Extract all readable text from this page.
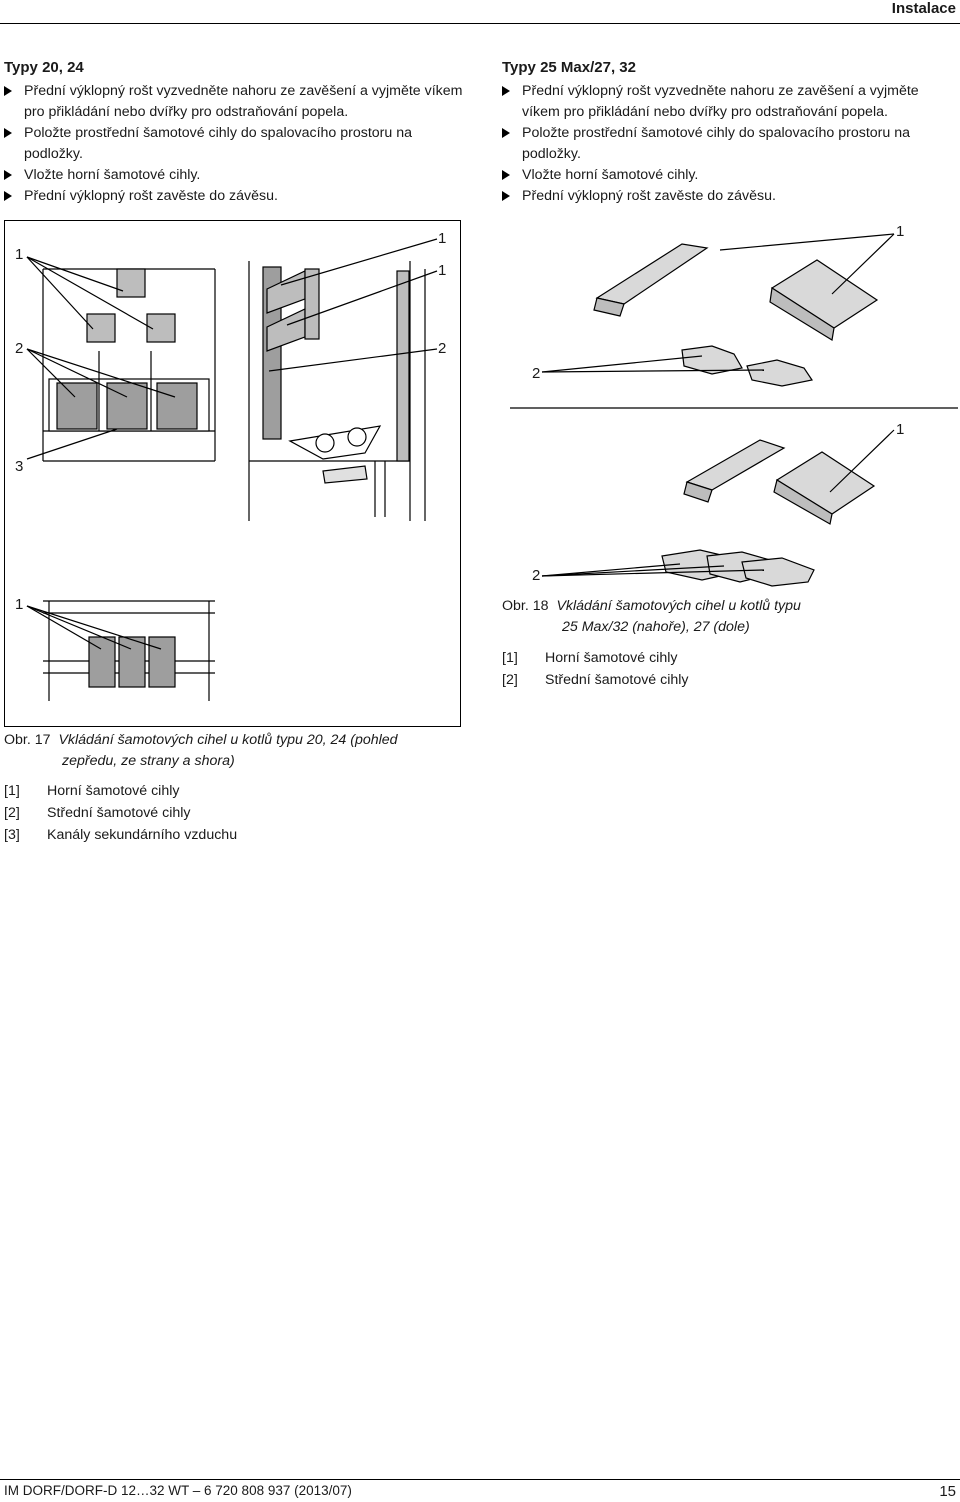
Instalace
Typy 20, 24
Přední výklopný rošt vyzvedněte nahoru ze zavěšení a vyjměte víkem pro přikládání nebo dvířky pro odstraňování popela.
Položte prostřední šamotové cihly do spalovacího prostoru na podložky.
Vložte horní šamotové cihly.
Přední výklopný rošt zavěste do závěsu.
Typy 25 Max/27, 32
Přední výklopný rošt vyzvedněte nahoru ze zavěšení a vyjměte víkem pro přikládání nebo dvířky pro odstraňování popela.
Položte prostřední šamotové cihly do spalovacího prostoru na podložky.
Vložte horní šamotové cihly.
Přední výklopný rošt zavěste do závěsu.
1
1
1
2	2
3
1
Obr. 17 Vkládání šamotových cihel u kotlů typu 20, 24 (pohled
zepředu, ze strany a shora)
[1]	Horní šamotové cihly
[2]	Střední šamotové cihly
[3]	Kanály sekundárního vzduchu
1
2
1
2
Obr. 18 Vkládání šamotových cihel u kotlů typu
25 Max/32 (nahoře), 27 (dole)
[1]	Horní šamotové cihly
[2]	Střední šamotové cihly
IM DORF/DORF-D 12…32 WT – 6 720 808 937 (2013/07)	15
